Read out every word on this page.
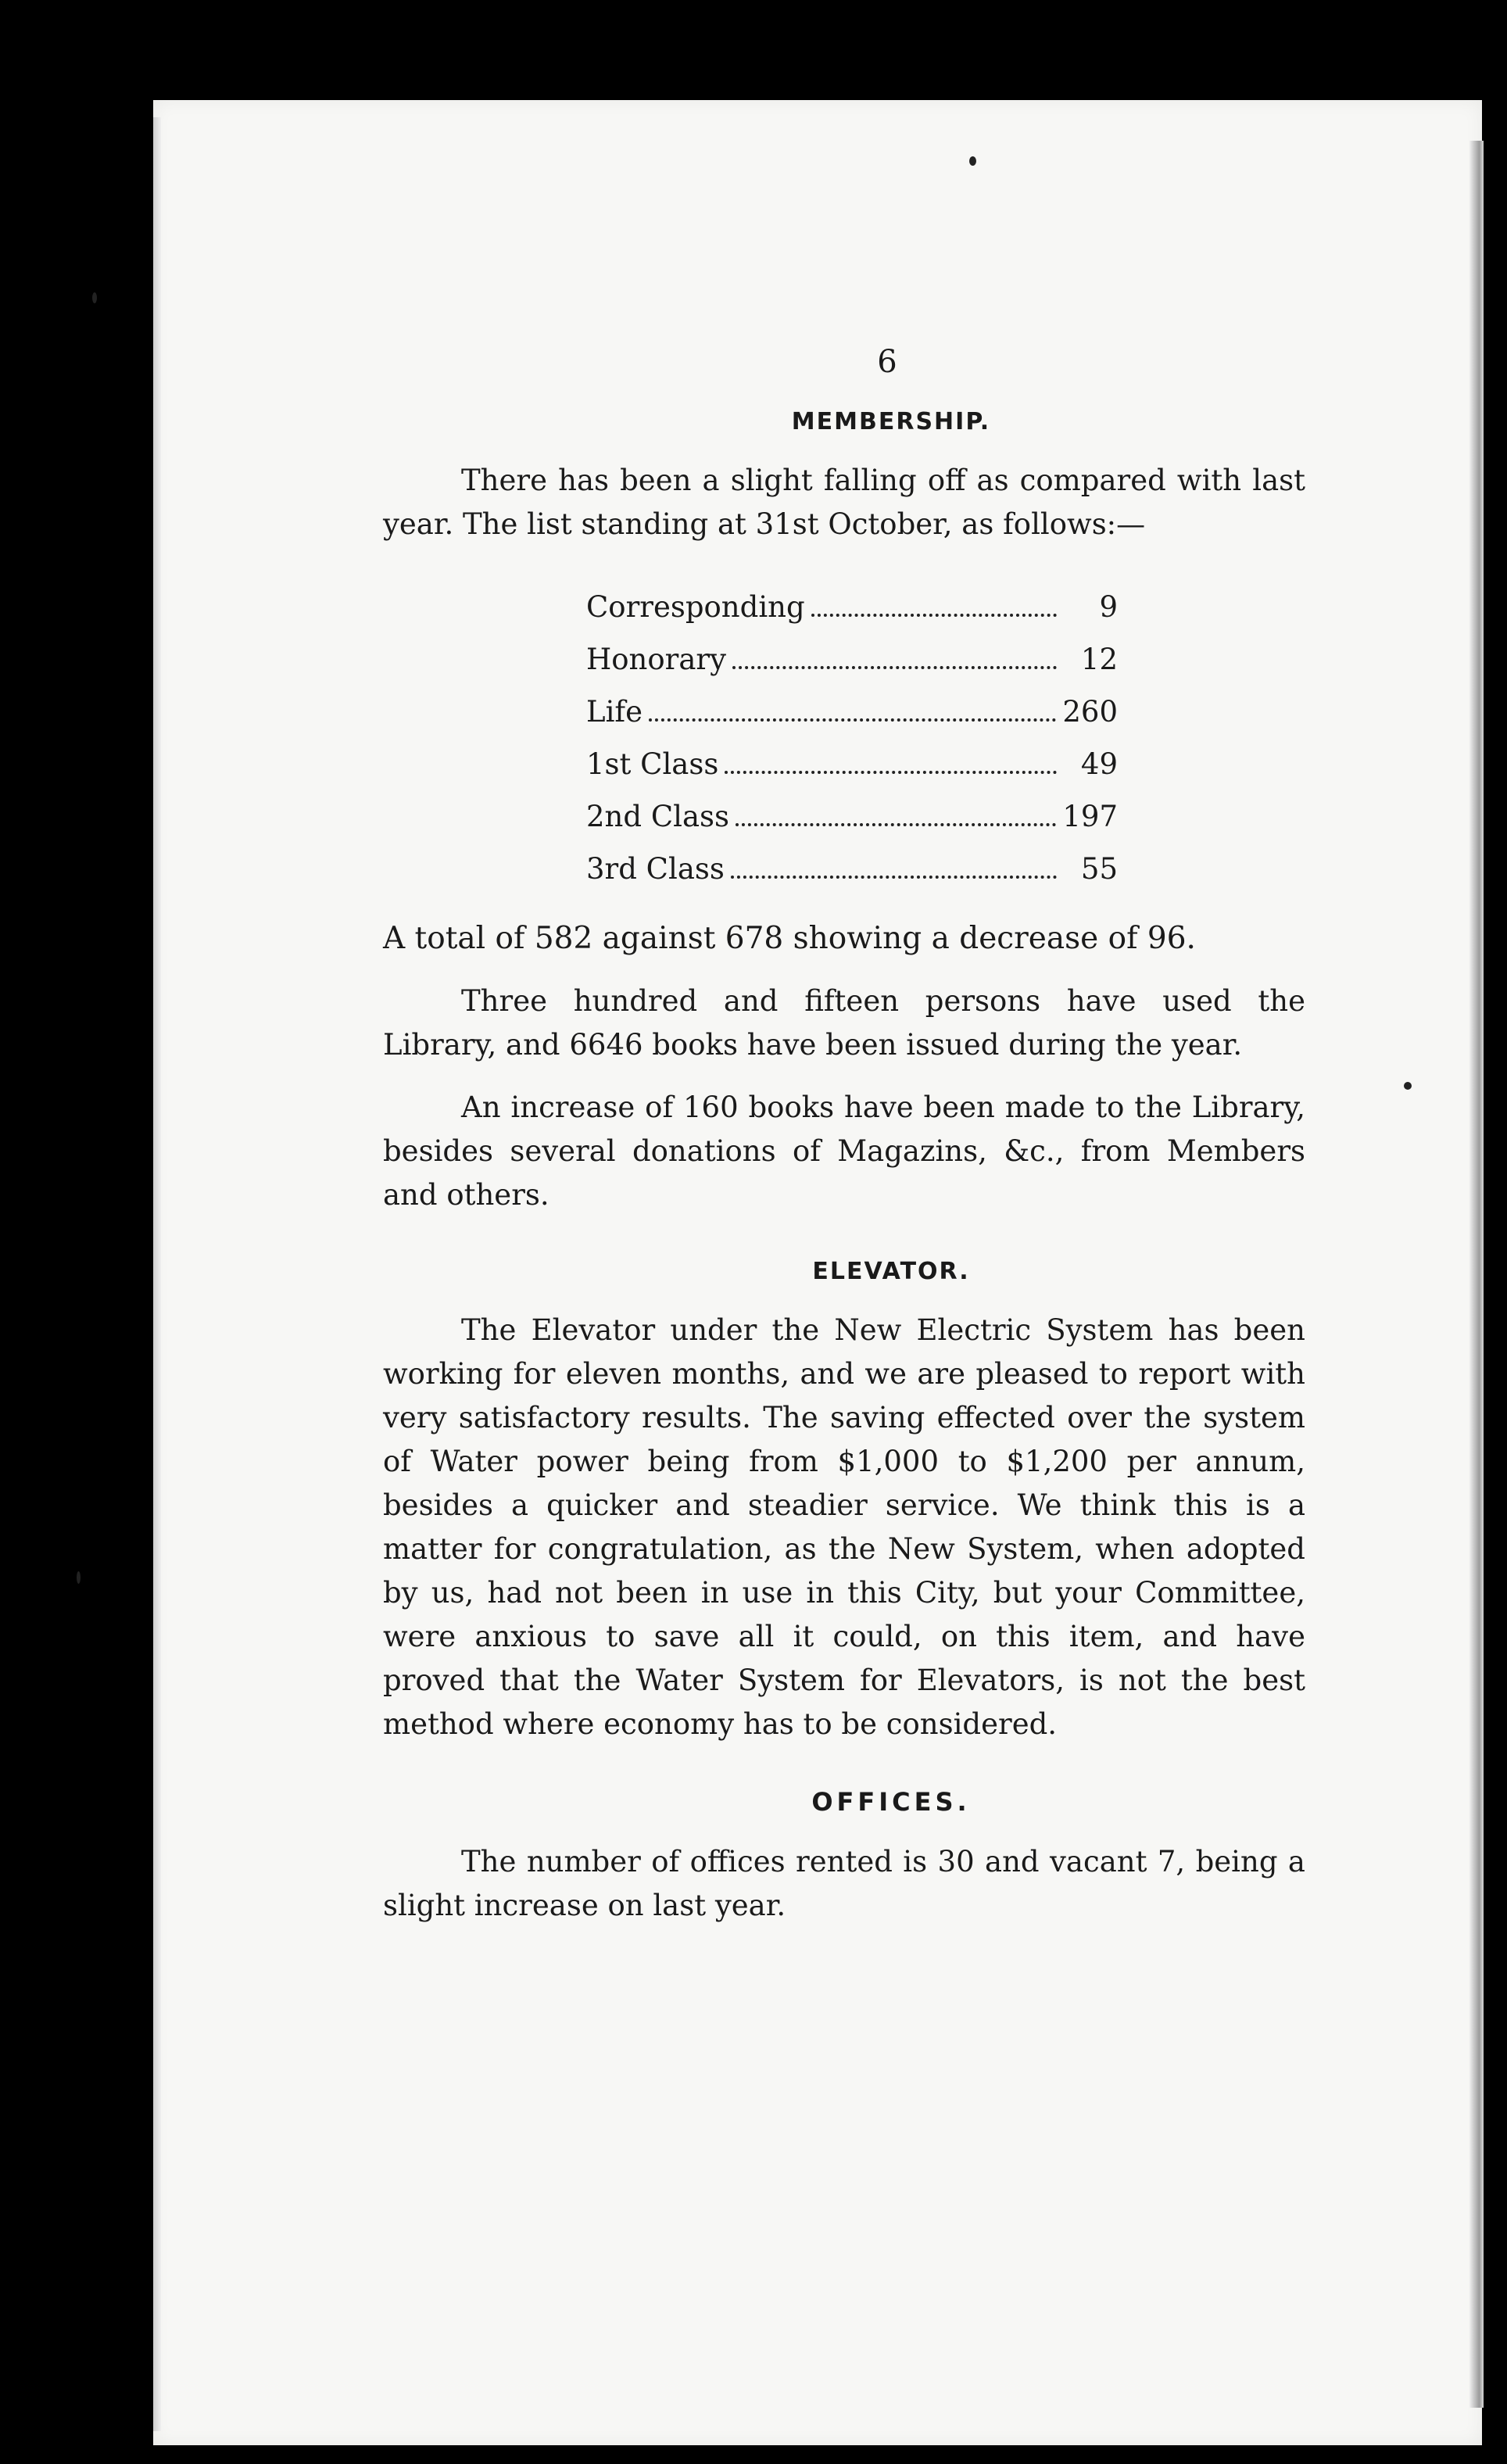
6
MEMBERSHIP.

There has been a slight falling off as compared with last year. The list standing at 31st October, as follows:—

Corresponding	9
Honorary	12
Life	260
1st Class	49
2nd Class	197
3rd Class	55

A total of 582 against 678 showing a decrease of 96.

Three hundred and fifteen persons have used the Library, and 6646 books have been issued during the year.

An increase of 160 books have been made to the Library, besides several donations of Magazins, &c., from Members and others.

ELEVATOR.

The Elevator under the New Electric System has been working for eleven months, and we are pleased to report with very satisfactory results. The saving effected over the system of Water power being from $1,000 to $1,200 per annum, besides a quicker and steadier service. We think this is a matter for congratulation, as the New System, when adopted by us, had not been in use in this City, but your Committee, were anxious to save all it could, on this item, and have proved that the Water System for Elevators, is not the best method where economy has to be considered.

OFFICES.

The number of offices rented is 30 and vacant 7, being a slight increase on last year.
